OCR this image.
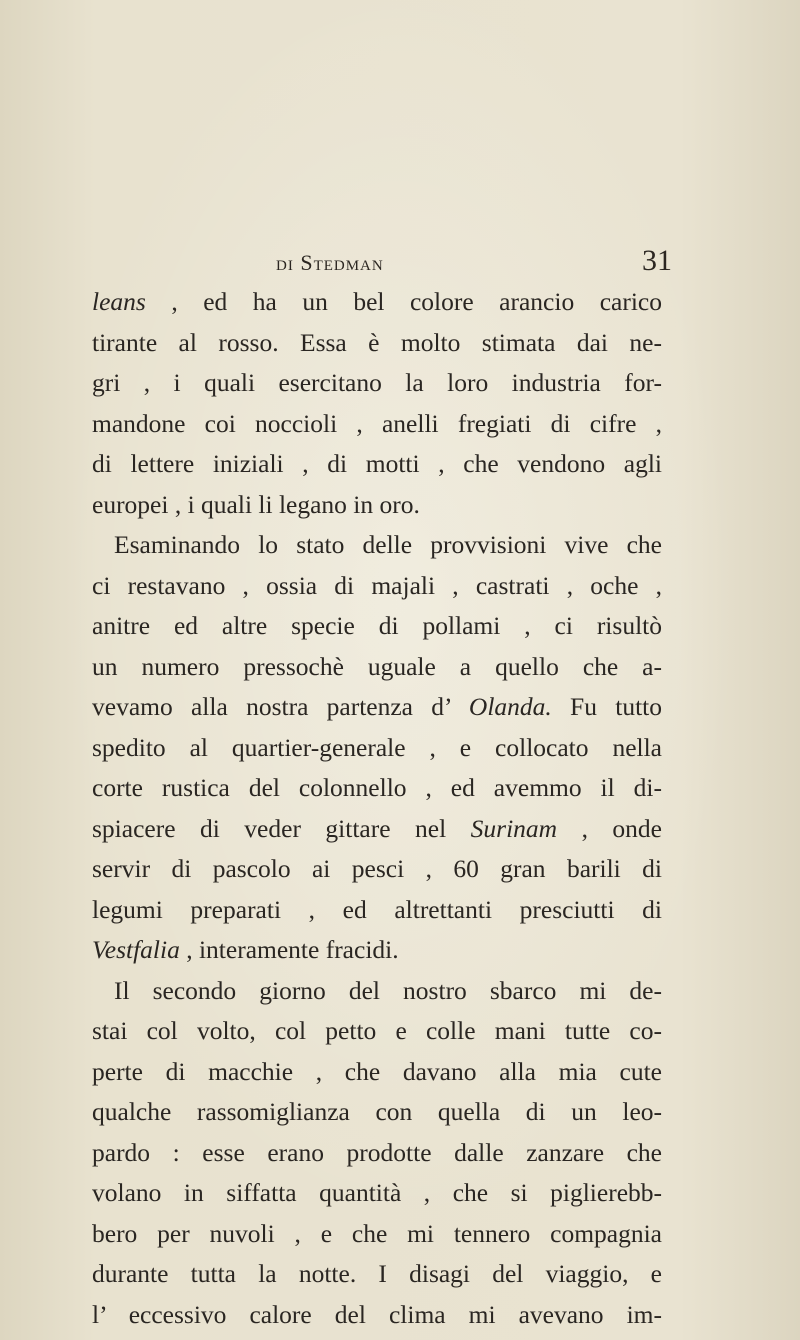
di Stedman	31
leans , ed ha un bel colore arancio carico
tirante al rosso. Essa è molto stimata dai ne-
gri , i quali esercitano la loro industria for-
mandone coi noccioli , anelli fregiati di cifre ,
di lettere iniziali , di motti , che vendono agli
europei , i quali li legano in oro.
Esaminando lo stato delle provvisioni vive che
ci restavano , ossia di majali , castrati , oche ,
anitre ed altre specie di pollami , ci risultò
un numero pressochè uguale a quello che a-
vevamo alla nostra partenza d’ Olanda. Fu tutto
spedito al quartier-generale , e collocato nella
corte rustica del colonnello , ed avemmo il di-
spiacere di veder gittare nel Surinam , onde
servir di pascolo ai pesci , 60 gran barili di
legumi preparati , ed altrettanti presciutti di
Vestfalia , interamente fracidi.
Il secondo giorno del nostro sbarco mi de-
stai col volto, col petto e colle mani tutte co-
perte di macchie , che davano alla mia cute
qualche rassomiglianza con quella di un leo-
pardo : esse erano prodotte dalle zanzare che
volano in siffatta quantità , che si piglierebb-
bero per nuvoli , e che mi tennero compagnia
durante tutta la notte. I disagi del viaggio, e
l’ eccessivo calore del clima mi avevano im-
